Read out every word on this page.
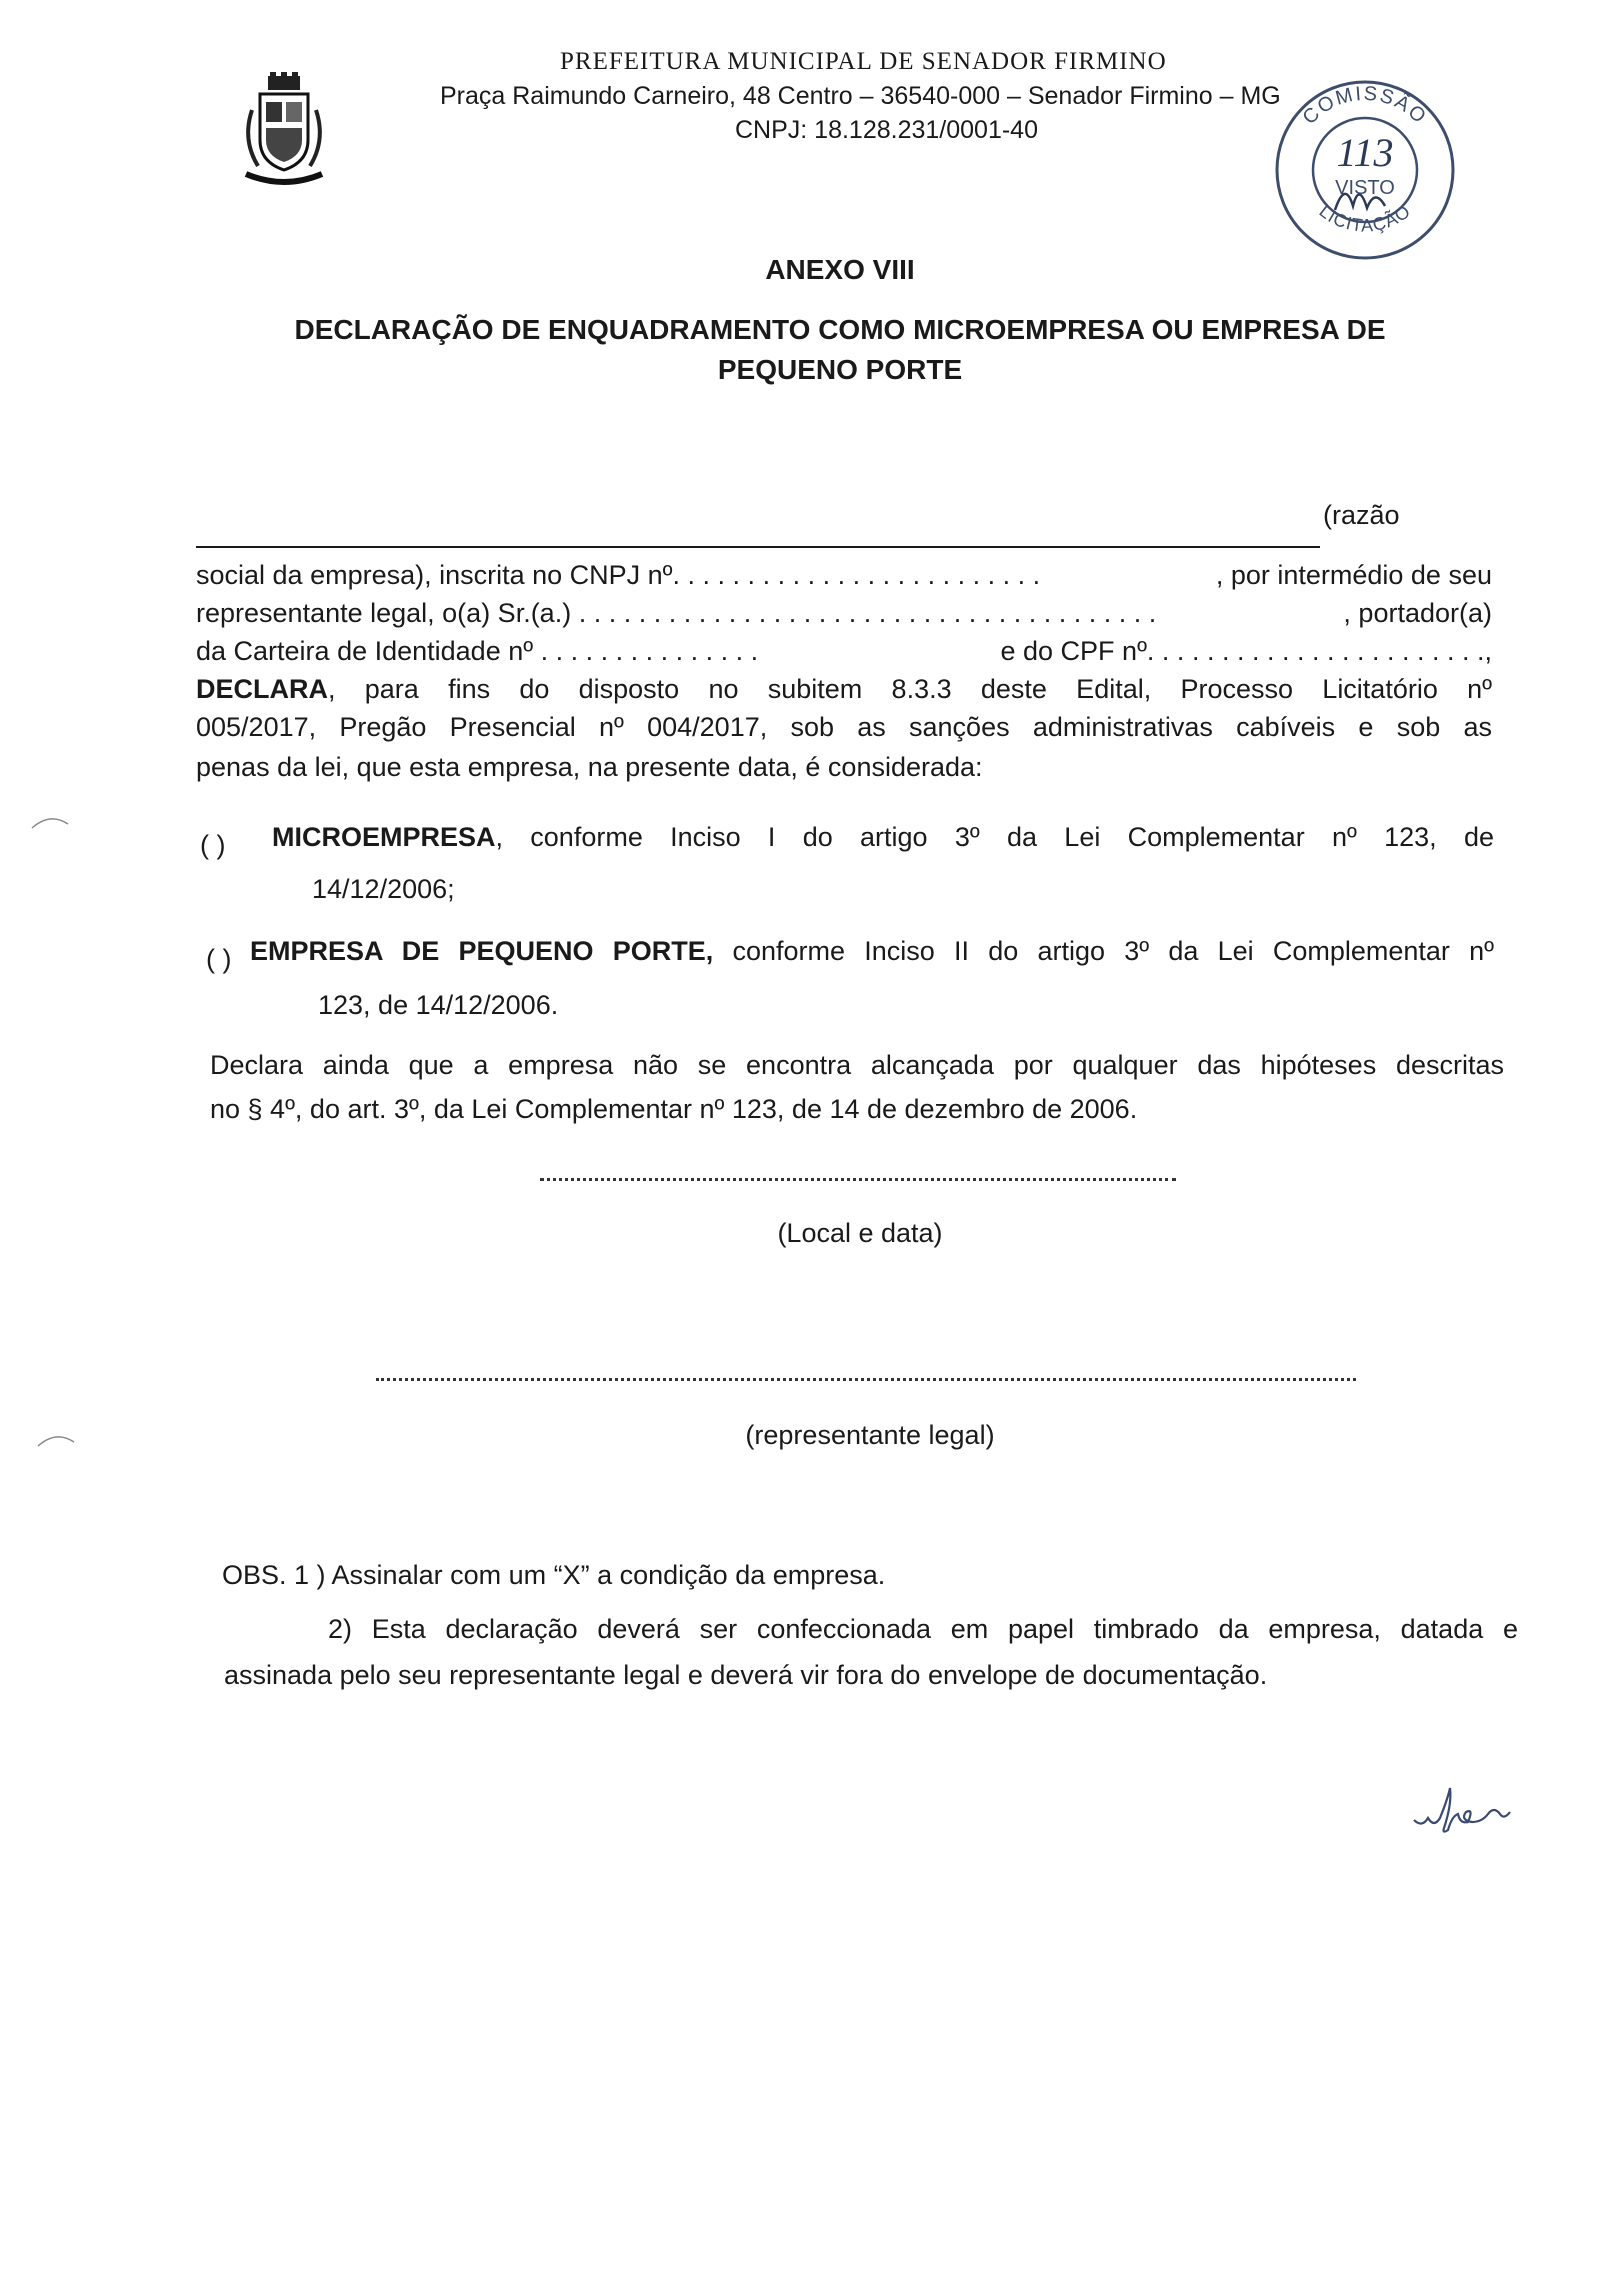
PREFEITURA MUNICIPAL DE SENADOR FIRMINO
Praça Raimundo Carneiro, 48 Centro – 36540-000 – Senador Firmino – MG
CNPJ: 18.128.231/0001-40
COMISSÃO
LICITAÇÃO
113
VISTO
ANEXO VIII
DECLARAÇÃO DE ENQUADRAMENTO COMO MICROEMPRESA OU EMPRESA DE
PEQUENO PORTE
(razão
social da empresa), inscrita no CNPJ nº. . . . . . . . . . . . . . . . . . . . . . . . .	, por intermédio de seu
representante legal, o(a) Sr.(a.) . . . . . . . . . . . . . . . . . . . . . . . . . . . . . . . . . . . . . . .	, portador(a)
da Carteira de Identidade nº . . . . . . . . . . . . . . .	e do CPF nº. . . . . . . . . . . . . . . . . . . . . . .,
DECLARA, para fins do disposto no subitem 8.3.3 deste Edital, Processo Licitatório nº
005/2017, Pregão Presencial nº 004/2017, sob as sanções administrativas cabíveis e sob as
penas da lei, que esta empresa, na presente data, é considerada:
( ) MICROEMPRESA, conforme Inciso I do artigo 3º da Lei Complementar nº 123, de
14/12/2006;
( ) EMPRESA DE PEQUENO PORTE, conforme Inciso II do artigo 3º da Lei Complementar nº
123, de 14/12/2006.
Declara ainda que a empresa não se encontra alcançada por qualquer das hipóteses descritas
no § 4º, do art. 3º, da Lei Complementar nº 123, de 14 de dezembro de 2006.
(Local e data)
(representante legal)
OBS. 1 ) Assinalar com um “X” a condição da empresa.
2) Esta declaração deverá ser confeccionada em papel timbrado da empresa, datada e
assinada pelo seu representante legal e deverá vir fora do envelope de documentação.
